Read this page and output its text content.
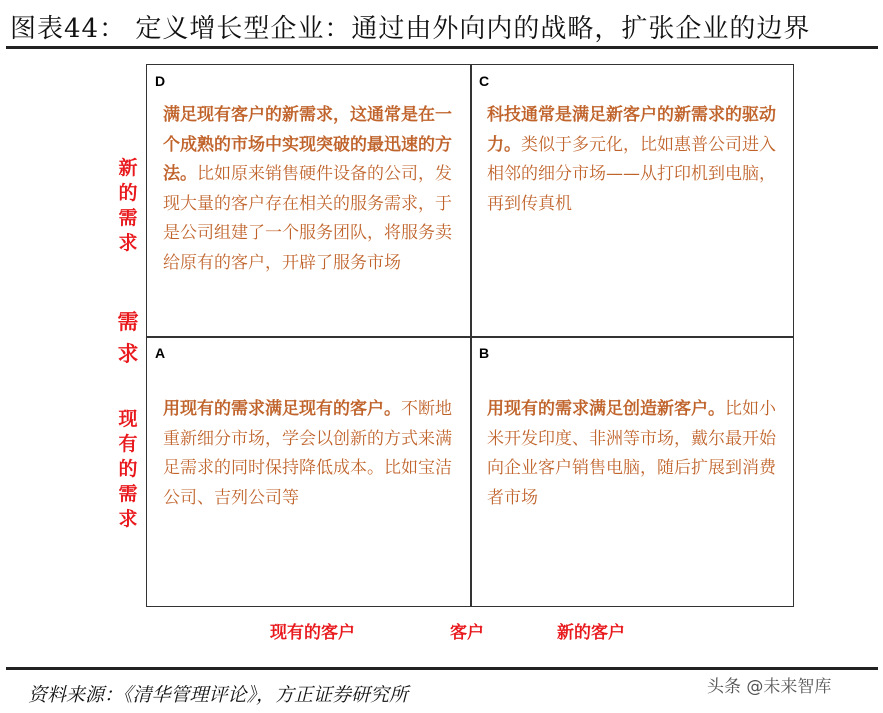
图表44： 定义增长型企业：通过由外向内的战略，扩张企业的边界
新
的
需
求
需
求
现
有
的
需
求
D

满足现有客户的新需求，这通常是在一个成熟的市场中实现突破的最迅速的方法。比如原来销售硬件设备的公司，发现大量的客户存在相关的服务需求，于是公司组建了一个服务团队，将服务卖给原有的客户，开辟了服务市场

C

科技通常是满足新客户的新需求的驱动力。类似于多元化，比如惠普公司进入相邻的细分市场——从打印机到电脑，再到传真机

A

用现有的需求满足现有的客户。不断地重新细分市场，学会以创新的方式来满足需求的同时保持降低成本。比如宝洁公司、吉列公司等

B

用现有的需求满足创造新客户。比如小米开发印度、非洲等市场，戴尔最开始向企业客户销售电脑，随后扩展到消费者市场

现有的客户	客户	新的客户
资料来源：《清华管理评论》，方正证券研究所	头条 @未来智库
